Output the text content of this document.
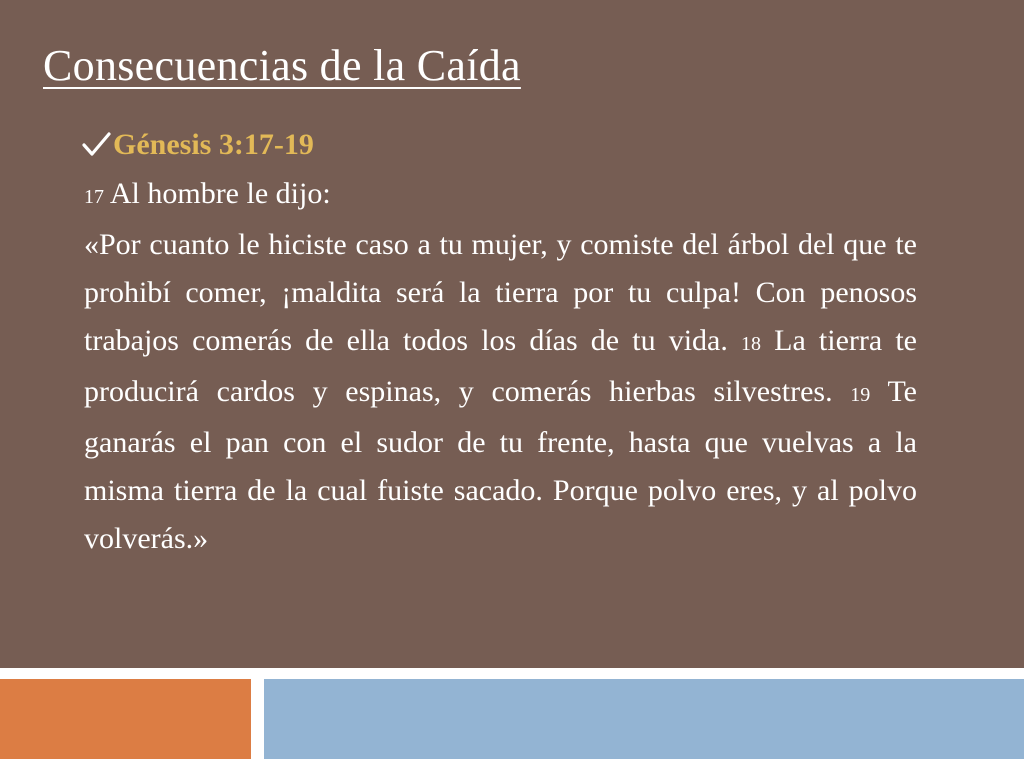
Consecuencias de la Caída
Génesis 3:17-19

17 Al hombre le dijo:

«Por cuanto le hiciste caso a tu mujer, y comiste del árbol del que te prohibí comer, ¡maldita será la tierra por tu culpa! Con penosos trabajos comerás de ella todos los días de tu vida. 18 La tierra te producirá cardos y espinas, y comerás hierbas silvestres. 19 Te ganarás el pan con el sudor de tu frente, hasta que vuelvas a la misma tierra de la cual fuiste sacado. Porque polvo eres, y al polvo volverás.»
